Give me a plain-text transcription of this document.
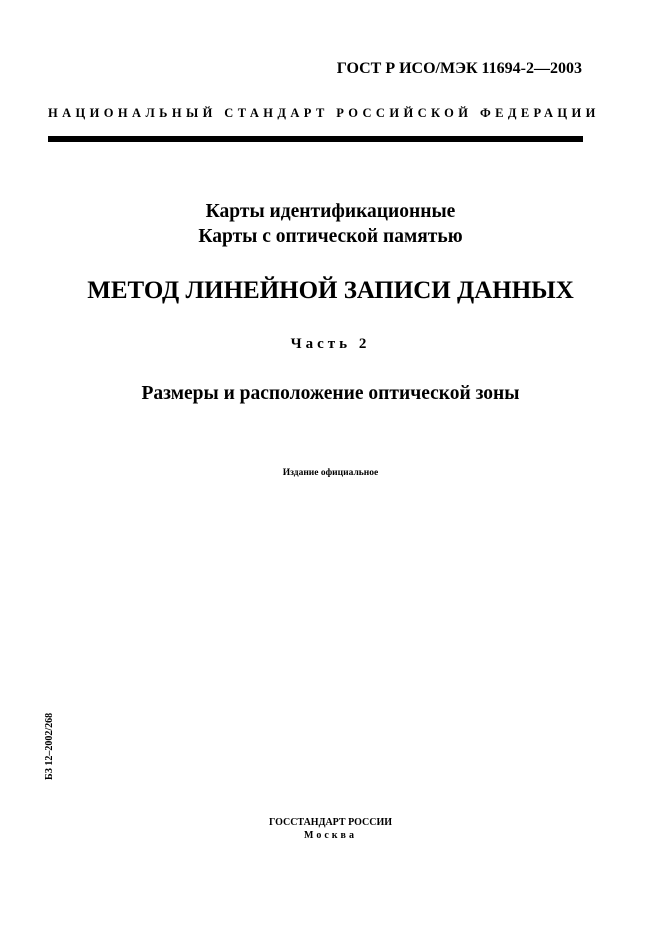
ГОСТ Р ИСО/МЭК 11694-2—2003
НАЦИОНАЛЬНЫЙ СТАНДАРТ РОССИЙСКОЙ ФЕДЕРАЦИИ
Карты идентификационные
Карты с оптической памятью
МЕТОД ЛИНЕЙНОЙ ЗАПИСИ ДАННЫХ
Часть 2
Размеры и расположение оптической зоны
Издание официальное
БЗ 12–2002/268
ГОССТАНДАРТ РОССИИ
Москва
